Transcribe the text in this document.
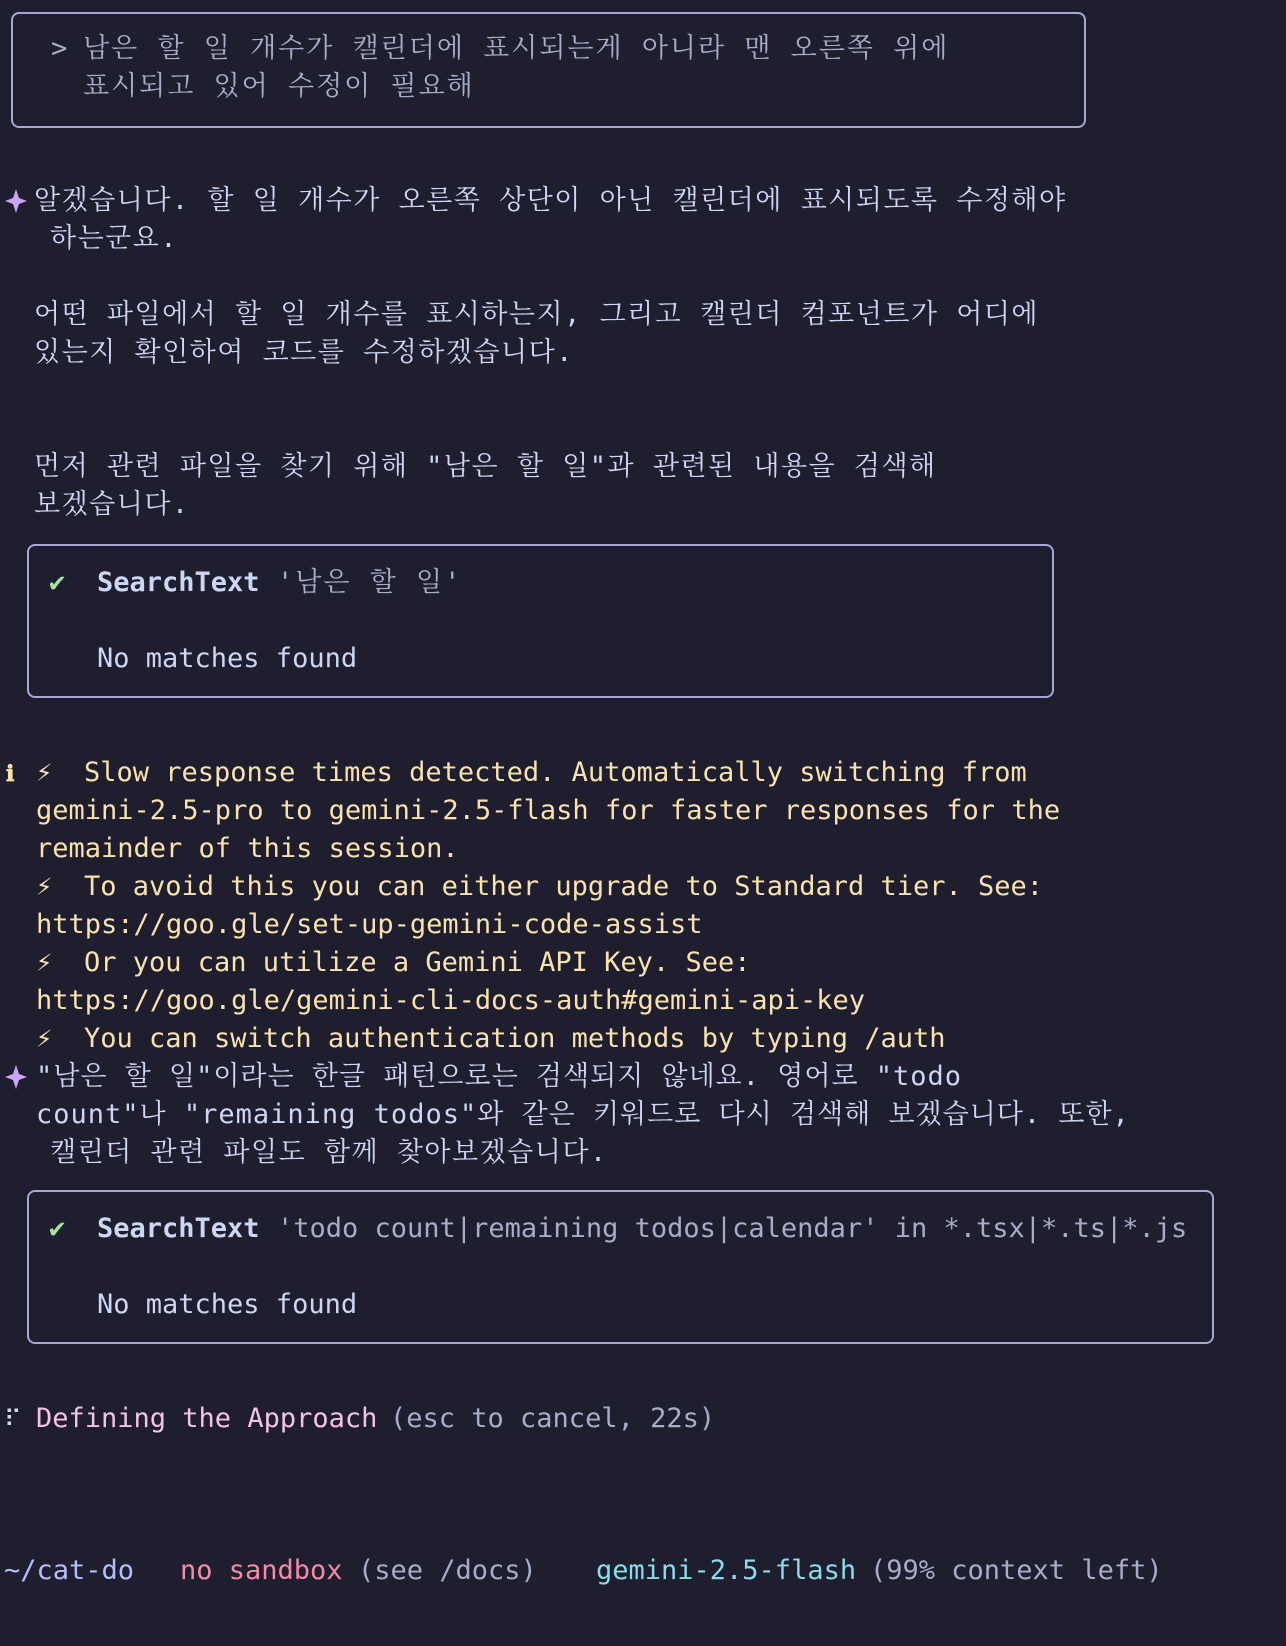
> 남은 할 일 개수가 캘린더에 표시되는게 아니라 맨 오른쪽 위에
표시되고 있어 수정이 필요해
알겠습니다. 할 일 개수가 오른쪽 상단이 아닌 캘린더에 표시되도록 수정해야
하는군요.
어떤 파일에서 할 일 개수를 표시하는지, 그리고 캘린더 컴포넌트가 어디에
있는지 확인하여 코드를 수정하겠습니다.
먼저 관련 파일을 찾기 위해 "남은 할 일"과 관련된 내용을 검색해
보겠습니다.
✔ SearchText '남은 할 일'
No matches found
ℹ ⚡ Slow response times detected. Automatically switching from
gemini-2.5-pro to gemini-2.5-flash for faster responses for the
remainder of this session.
⚡ To avoid this you can either upgrade to Standard tier. See:
https://goo.gle/set-up-gemini-code-assist
⚡ Or you can utilize a Gemini API Key. See:
https://goo.gle/gemini-cli-docs-auth#gemini-api-key
⚡ You can switch authentication methods by typing /auth
"남은 할 일"이라는 한글 패턴으로는 검색되지 않네요. 영어로 "todo
count"나 "remaining todos"와 같은 키워드로 다시 검색해 보겠습니다. 또한,
캘린더 관련 파일도 함께 찾아보겠습니다.
✔ SearchText 'todo count|remaining todos|calendar' in *.tsx|*.ts|*.js
No matches found
⠏ Defining the Approach (esc to cancel, 22s)
~/cat-do no sandbox (see /docs) gemini-2.5-flash (99% context left)
